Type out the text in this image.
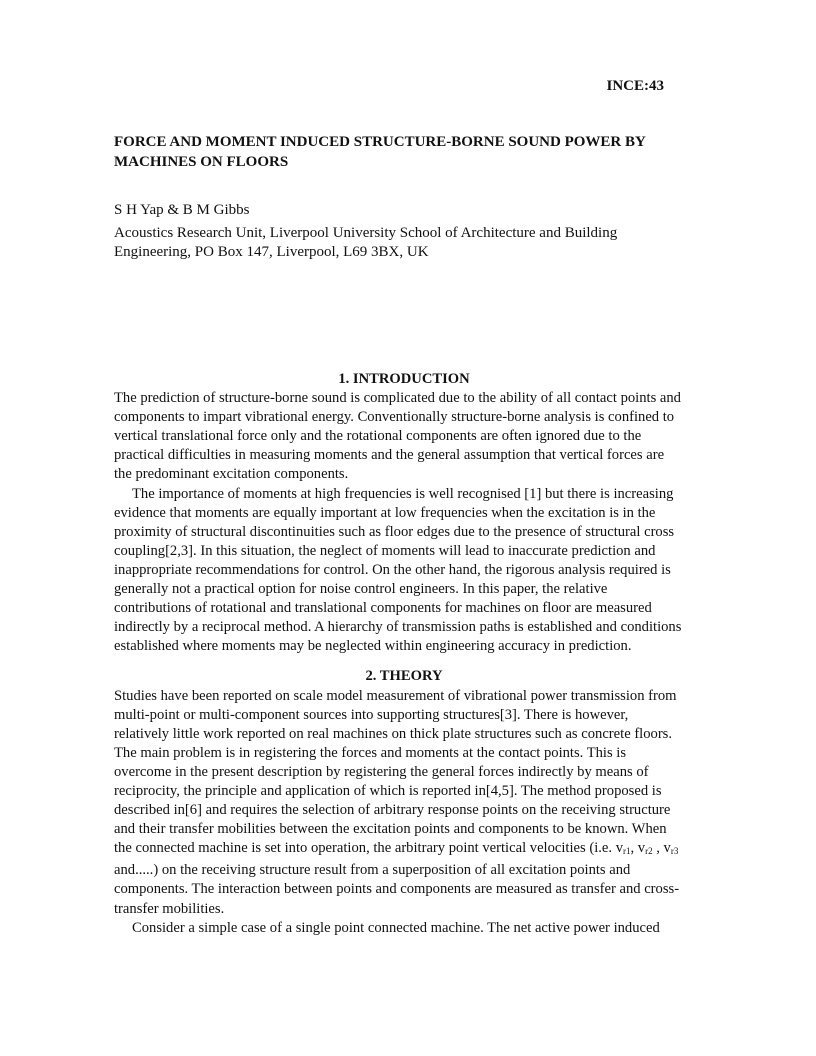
INCE:43
FORCE AND MOMENT INDUCED STRUCTURE-BORNE SOUND POWER BY MACHINES ON FLOORS
S H Yap & B M Gibbs
Acoustics Research Unit, Liverpool University School of Architecture and Building Engineering, PO Box 147, Liverpool, L69 3BX, UK

1. INTRODUCTION

The prediction of structure-borne sound is complicated due to the ability of all contact points and components to impart vibrational energy. Conventionally structure-borne analysis is confined to vertical translational force only and the rotational components are often ignored due to the practical difficulties in measuring moments and the general assumption that vertical forces are the predominant excitation components.

The importance of moments at high frequencies is well recognised [1] but there is increasing evidence that moments are equally important at low frequencies when the excitation is in the proximity of structural discontinuities such as floor edges due to the presence of structural cross coupling[2,3]. In this situation, the neglect of moments will lead to inaccurate prediction and inappropriate recommendations for control. On the other hand, the rigorous analysis required is generally not a practical option for noise control engineers. In this paper, the relative contributions of rotational and translational components for machines on floor are measured indirectly by a reciprocal method. A hierarchy of transmission paths is established and conditions established where moments may be neglected within engineering accuracy in prediction.

2. THEORY

Studies have been reported on scale model measurement of vibrational power transmission from multi-point or multi-component sources into supporting structures[3]. There is however, relatively little work reported on real machines on thick plate structures such as concrete floors. The main problem is in registering the forces and moments at the contact points. This is overcome in the present description by registering the general forces indirectly by means of reciprocity, the principle and application of which is reported in[4,5]. The method proposed is described in[6] and requires the selection of arbitrary response points on the receiving structure and their transfer mobilities between the excitation points and components to be known. When the connected machine is set into operation, the arbitrary point vertical velocities (i.e. $v_{r1}$, $v_{r2}$ , $v_{r3}$ and.....) on the receiving structure result from a superposition of all excitation points and components. The interaction between points and components are measured as transfer and cross- transfer mobilities.

Consider a simple case of a single point connected machine. The net active power induced
